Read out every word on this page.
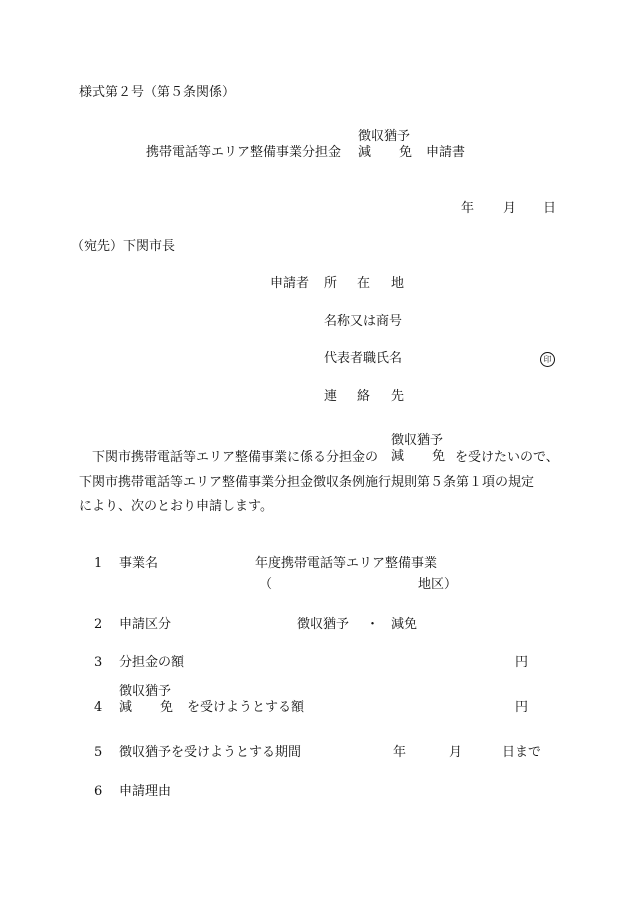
様式第２号（第５条関係）
携帯電話等エリア整備事業分担金
徴収猶予
減 免 申請書
年 月 日
（宛先）下関市長
申請者 所 在 地
名称又は商号
代表者職氏名	印
連 絡 先
下関市携帯電話等エリア整備事業に係る分担金の
徴収猶予
減 免 を受けたいので、
下関市携帯電話等エリア整備事業分担金徴収条例施行規則第５条第１項の規定
により、次のとおり申請します。
1 事業名	年度携帯電話等エリア整備事業
（	地区）
2 申請区分	徴収猶予 ・ 減免
3 分担金の額	円
4
徴収猶予
減 免 を受けようとする額	円
5 徴収猶予を受けようとする期間	年	月	日まで
6 申請理由
